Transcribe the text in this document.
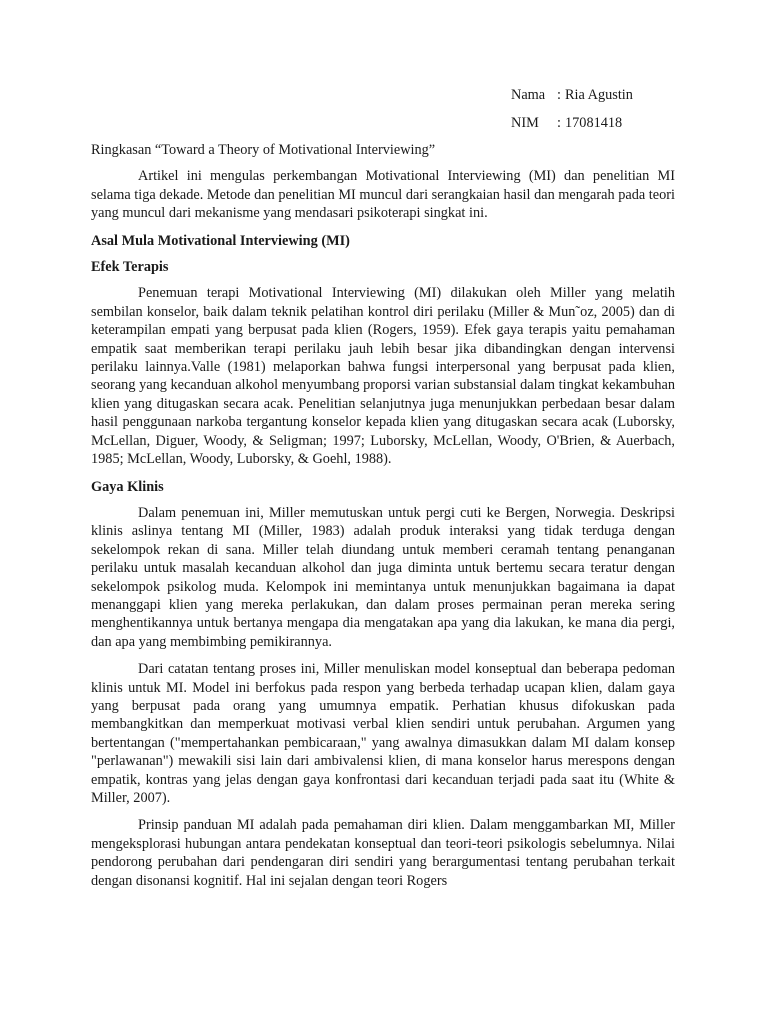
Nama : Ria Agustin
NIM	: 17081418
Ringkasan “Toward a Theory of Motivational Interviewing”

Artikel ini mengulas perkembangan Motivational Interviewing (MI) dan penelitian MI selama tiga dekade. Metode dan penelitian MI muncul dari serangkaian hasil dan mengarah pada teori yang muncul dari mekanisme yang mendasari psikoterapi singkat ini.

Asal Mula Motivational Interviewing (MI)
Efek Terapis

Penemuan terapi Motivational Interviewing (MI) dilakukan oleh Miller yang melatih sembilan konselor, baik dalam teknik pelatihan kontrol diri perilaku (Miller & Mun˜oz, 2005) dan di keterampilan empati yang berpusat pada klien (Rogers, 1959). Efek gaya terapis yaitu pemahaman empatik saat memberikan terapi perilaku jauh lebih besar jika dibandingkan dengan intervensi perilaku lainnya.Valle (1981) melaporkan bahwa fungsi interpersonal yang berpusat pada klien, seorang yang kecanduan alkohol menyumbang proporsi varian substansial dalam tingkat kekambuhan klien yang ditugaskan secara acak. Penelitian selanjutnya juga menunjukkan perbedaan besar dalam hasil penggunaan narkoba tergantung konselor kepada klien yang ditugaskan secara acak (Luborsky, McLellan, Diguer, Woody, & Seligman; 1997; Luborsky, McLellan, Woody, O'Brien, & Auerbach, 1985; McLellan, Woody, Luborsky, & Goehl, 1988).

Gaya Klinis

Dalam penemuan ini, Miller memutuskan untuk pergi cuti ke Bergen, Norwegia. Deskripsi klinis aslinya tentang MI (Miller, 1983) adalah produk interaksi yang tidak terduga dengan sekelompok rekan di sana. Miller telah diundang untuk memberi ceramah tentang penanganan perilaku untuk masalah kecanduan alkohol dan juga diminta untuk bertemu secara teratur dengan sekelompok psikolog muda. Kelompok ini memintanya untuk menunjukkan bagaimana ia dapat menanggapi klien yang mereka perlakukan, dan dalam proses permainan peran mereka sering menghentikannya untuk bertanya mengapa dia mengatakan apa yang dia lakukan, ke mana dia pergi, dan apa yang membimbing pemikirannya.

Dari catatan tentang proses ini, Miller menuliskan model konseptual dan beberapa pedoman klinis untuk MI. Model ini berfokus pada respon yang berbeda terhadap ucapan klien, dalam gaya yang berpusat pada orang yang umumnya empatik. Perhatian khusus difokuskan pada membangkitkan dan memperkuat motivasi verbal klien sendiri untuk perubahan. Argumen yang bertentangan ("mempertahankan pembicaraan," yang awalnya dimasukkan dalam MI dalam konsep "perlawanan") mewakili sisi lain dari ambivalensi klien, di mana konselor harus merespons dengan empatik, kontras yang jelas dengan gaya konfrontasi dari kecanduan terjadi pada saat itu (White & Miller, 2007).

Prinsip panduan MI adalah pada pemahaman diri klien. Dalam menggambarkan MI, Miller mengeksplorasi hubungan antara pendekatan konseptual dan teori-teori psikologis sebelumnya. Nilai pendorong perubahan dari pendengaran diri sendiri yang berargumentasi tentang perubahan terkait dengan disonansi kognitif. Hal ini sejalan dengan teori Rogers
